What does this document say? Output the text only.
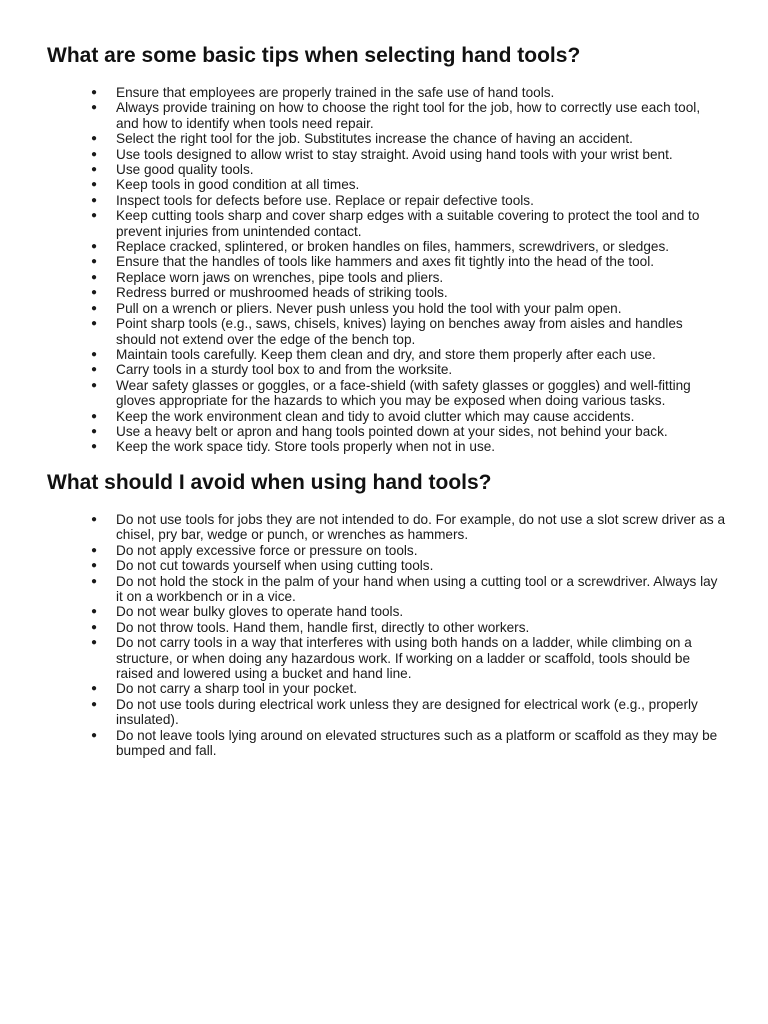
What are some basic tips when selecting hand tools?
● Ensure that employees are properly trained in the safe use of hand tools.
● Always provide training on how to choose the right tool for the job, how to correctly use each tool, and how to identify when tools need repair.
● Select the right tool for the job. Substitutes increase the chance of having an accident.
● Use tools designed to allow wrist to stay straight. Avoid using hand tools with your wrist bent.
● Use good quality tools.
● Keep tools in good condition at all times.
● Inspect tools for defects before use. Replace or repair defective tools.
● Keep cutting tools sharp and cover sharp edges with a suitable covering to protect the tool and to prevent injuries from unintended contact.
● Replace cracked, splintered, or broken handles on files, hammers, screwdrivers, or sledges.
● Ensure that the handles of tools like hammers and axes fit tightly into the head of the tool.
● Replace worn jaws on wrenches, pipe tools and pliers.
● Redress burred or mushroomed heads of striking tools.
● Pull on a wrench or pliers. Never push unless you hold the tool with your palm open.
● Point sharp tools (e.g., saws, chisels, knives) laying on benches away from aisles and handles should not extend over the edge of the bench top.
● Maintain tools carefully. Keep them clean and dry, and store them properly after each use.
● Carry tools in a sturdy tool box to and from the worksite.
● Wear safety glasses or goggles, or a face-shield (with safety glasses or goggles) and well-fitting gloves appropriate for the hazards to which you may be exposed when doing various tasks.
● Keep the work environment clean and tidy to avoid clutter which may cause accidents.
● Use a heavy belt or apron and hang tools pointed down at your sides, not behind your back.
● Keep the work space tidy. Store tools properly when not in use.
What should I avoid when using hand tools?
● Do not use tools for jobs they are not intended to do. For example, do not use a slot screw driver as a chisel, pry bar, wedge or punch, or wrenches as hammers.
● Do not apply excessive force or pressure on tools.
● Do not cut towards yourself when using cutting tools.
● Do not hold the stock in the palm of your hand when using a cutting tool or a screwdriver. Always lay it on a workbench or in a vice.
● Do not wear bulky gloves to operate hand tools.
● Do not throw tools. Hand them, handle first, directly to other workers.
● Do not carry tools in a way that interferes with using both hands on a ladder, while climbing on a structure, or when doing any hazardous work. If working on a ladder or scaffold, tools should be raised and lowered using a bucket and hand line.
● Do not carry a sharp tool in your pocket.
● Do not use tools during electrical work unless they are designed for electrical work (e.g., properly insulated).
● Do not leave tools lying around on elevated structures such as a platform or scaffold as they may be bumped and fall.
